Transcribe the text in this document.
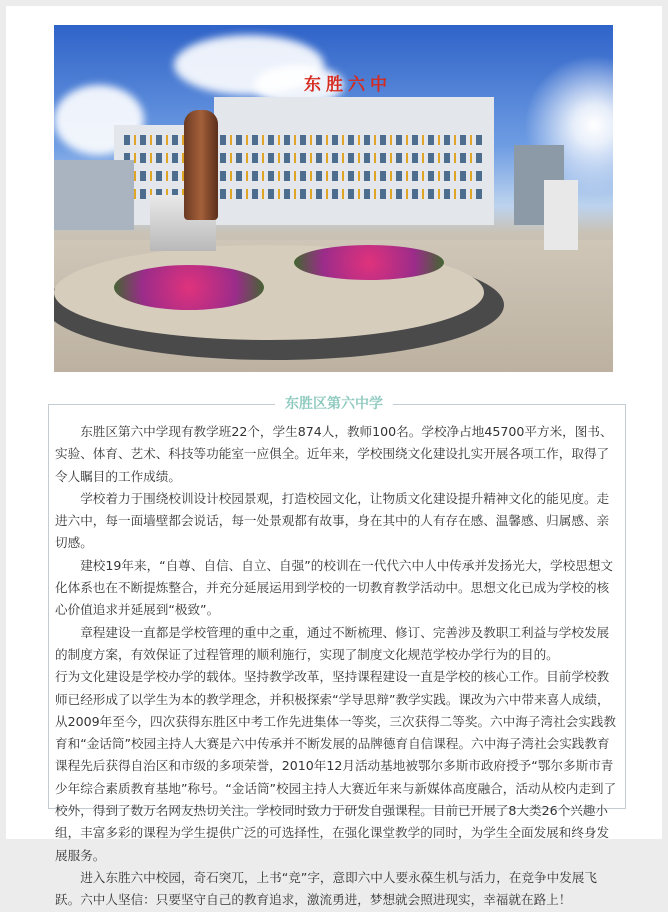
东胜六中
东胜区第六中学

东胜区第六中学现有教学班22个，学生874人，教师100名。学校净占地45700平方米，图书、实验、体育、艺术、科技等功能室一应俱全。近年来，学校围绕文化建设扎实开展各项工作，取得了令人瞩目的工作成绩。

学校着力于围绕校训设计校园景观，打造校园文化，让物质文化建设提升精神文化的能见度。走进六中，每一面墙壁都会说话，每一处景观都有故事，身在其中的人有存在感、温馨感、归属感、亲切感。

建校19年来，“自尊、自信、自立、自强”的校训在一代代六中人中传承并发扬光大，学校思想文化体系也在不断提炼整合，并充分延展运用到学校的一切教育教学活动中。思想文化已成为学校的核心价值追求并延展到“极致”。

章程建设一直都是学校管理的重中之重，通过不断梳理、修订、完善涉及教职工利益与学校发展的制度方案，有效保证了过程管理的顺利施行，实现了制度文化规范学校办学行为的目的。

行为文化建设是学校办学的载体。坚持教学改革，坚持课程建设一直是学校的核心工作。目前学校教师已经形成了以学生为本的教学理念，并积极探索“学导思辩”教学实践。课改为六中带来喜人成绩，从2009年至今，四次获得东胜区中考工作先进集体一等奖，三次获得二等奖。六中海子湾社会实践教育和“金话筒”校园主持人大赛是六中传承并不断发展的品牌德育自信课程。六中海子湾社会实践教育课程先后获得自治区和市级的多项荣誉，2010年12月活动基地被鄂尔多斯市政府授予“鄂尔多斯市青少年综合素质教育基地”称号。“金话筒”校园主持人大赛近年来与新媒体高度融合，活动从校内走到了校外，得到了数万名网友热切关注。学校同时致力于研发自强课程。目前已开展了8大类26个兴趣小组，丰富多彩的课程为学生提供广泛的可选择性，在强化课堂教学的同时，为学生全面发展和终身发展服务。

进入东胜六中校园，奇石突兀，上书“竞”字，意即六中人要永葆生机与活力，在竞争中发展飞跃。六中人坚信：只要坚守自己的教育追求，激流勇进，梦想就会照进现实，幸福就在路上！
